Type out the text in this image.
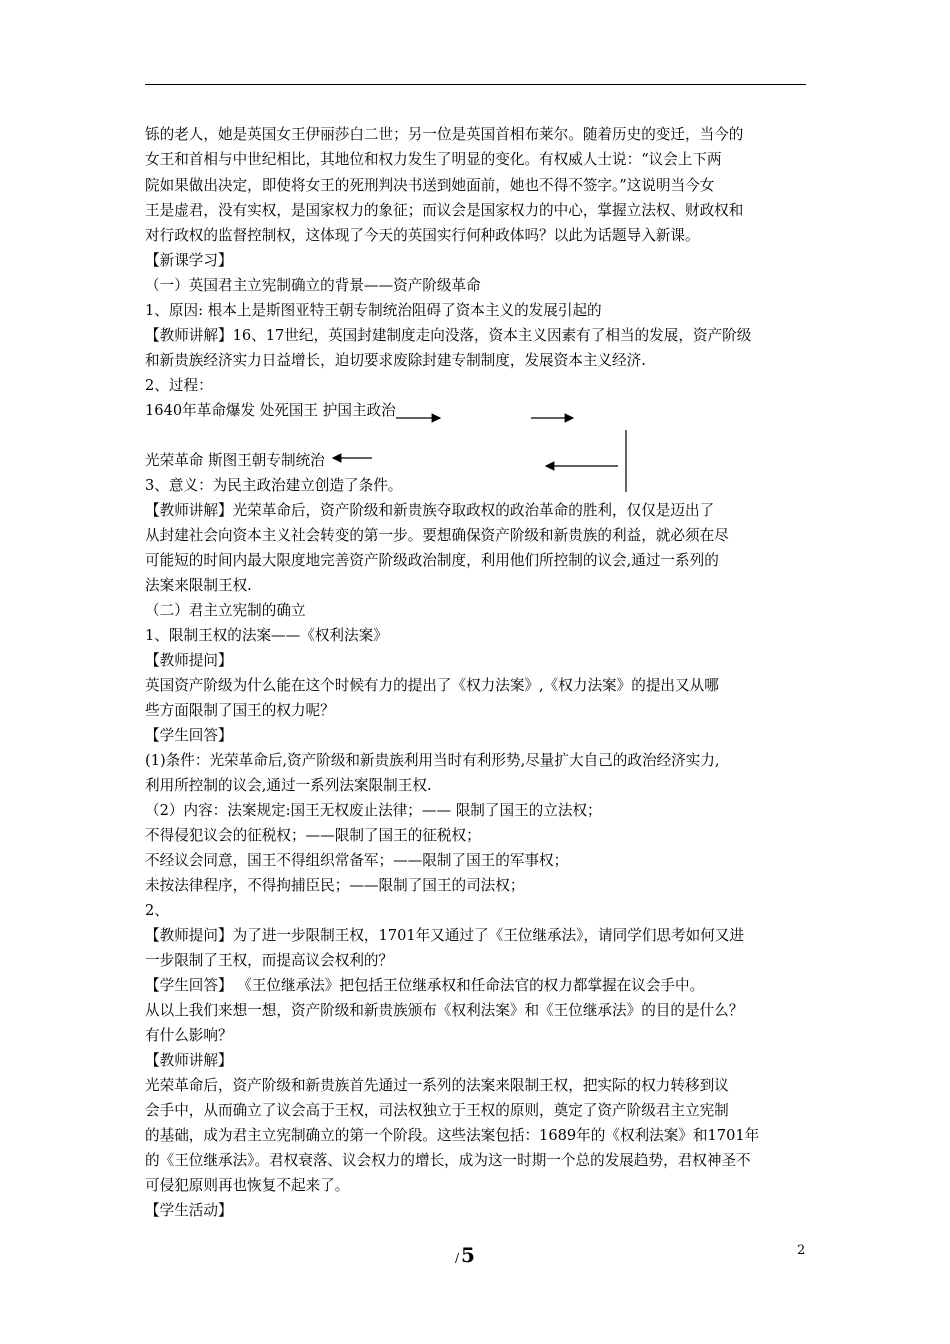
铄的老人，她是英国女王伊丽莎白二世；另一位是英国首相布莱尔。随着历史的变迁，当今的
女王和首相与中世纪相比，其地位和权力发生了明显的变化。有权威人士说：“议会上下两
院如果做出决定，即使将女王的死刑判决书送到她面前，她也不得不签字。”这说明当今女
王是虚君，没有实权，是国家权力的象征；而议会是国家权力的中心，掌握立法权、财政权和
对行政权的监督控制权，这体现了今天的英国实行何种政体吗？以此为话题导入新课。
【新课学习】
（一）英国君主立宪制确立的背景——资产阶级革命
1、原因: 根本上是斯图亚特王朝专制统治阻碍了资本主义的发展引起的
【教师讲解】16、17世纪，英国封建制度走向没落，资本主义因素有了相当的发展，资产阶级
和新贵族经济实力日益增长，迫切要求废除封建专制制度，发展资本主义经济.
2、过程：
1640年革命爆发 处死国王 护国主政治
光荣革命 斯图王朝专制统治
3、意义：为民主政治建立创造了条件。
【教师讲解】光荣革命后，资产阶级和新贵族夺取政权的政治革命的胜利，仅仅是迈出了
从封建社会向资本主义社会转变的第一步。要想确保资产阶级和新贵族的利益，就必须在尽
可能短的时间内最大限度地完善资产阶级政治制度，利用他们所控制的议会,通过一系列的
法案来限制王权.
（二）君主立宪制的确立
1、限制王权的法案——《权利法案》
【教师提问】
英国资产阶级为什么能在这个时候有力的提出了《权力法案》,《权力法案》的提出又从哪
些方面限制了国王的权力呢？
【学生回答】
(1)条件：光荣革命后,资产阶级和新贵族利用当时有利形势,尽量扩大自己的政治经济实力,
利用所控制的议会,通过一系列法案限制王权.
（2）内容：法案规定:国王无权废止法律；—— 限制了国王的立法权；
不得侵犯议会的征税权；——限制了国王的征税权；
不经议会同意，国王不得组织常备军；——限制了国王的军事权；
未按法律程序，不得拘捕臣民；——限制了国王的司法权；
2、
【教师提问】为了进一步限制王权，1701年又通过了《王位继承法》，请同学们思考如何又进
一步限制了王权，而提高议会权利的？
【学生回答】 《王位继承法》把包括王位继承权和任命法官的权力都掌握在议会手中。
从以上我们来想一想，资产阶级和新贵族颁布《权利法案》和《王位继承法》的目的是什么？
有什么影响？
【教师讲解】
光荣革命后，资产阶级和新贵族首先通过一系列的法案来限制王权，把实际的权力转移到议
会手中，从而确立了议会高于王权，司法权独立于王权的原则，奠定了资产阶级君主立宪制
的基础，成为君主立宪制确立的第一个阶段。这些法案包括：1689年的《权利法案》和1701年
的《王位继承法》。君权衰落、议会权力的增长，成为这一时期一个总的发展趋势，君权神圣不
可侵犯原则再也恢复不起来了。
【学生活动】
/ 5	2
